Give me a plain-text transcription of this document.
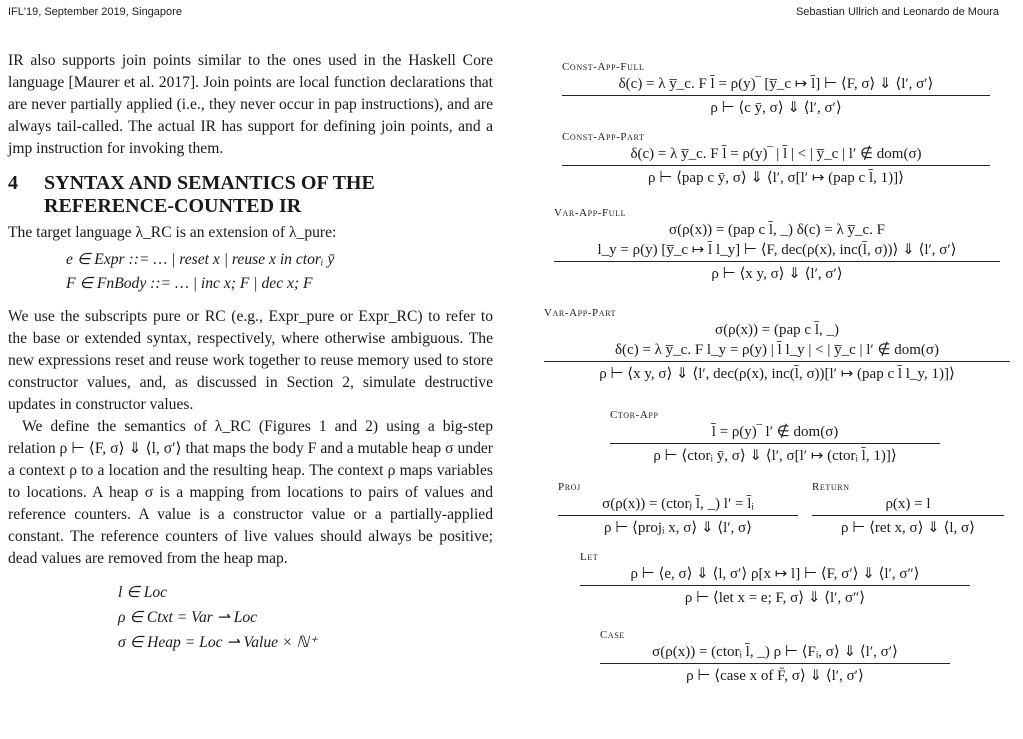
IFL'19, September 2019, Singapore	Sebastian Ullrich and Leonardo de Moura

IR also supports join points similar to the ones used in the Haskell Core language [Maurer et al. 2017]. Join points are local function declarations that are never partially applied (i.e., they never occur in pap instructions), and are always tail-called. The actual IR has support for defining join points, and a jmp instruction for invoking them.

4	SYNTAX AND SEMANTICS OF THE REFERENCE-COUNTED IR

The target language λ_RC is an extension of λ_pure:

e ∈ Expr ::= … | reset x | reuse x in ctorᵢ ȳ
F ∈ FnBody ::= … | inc x; F | dec x; F

We use the subscripts pure or RC (e.g., Expr_pure or Expr_RC) to refer to the base or extended syntax, respectively, where otherwise ambiguous. The new expressions reset and reuse work together to reuse memory used to store constructor values, and, as discussed in Section 2, simulate destructive updates in constructor values.

We define the semantics of λ_RC (Figures 1 and 2) using a big-step relation ρ ⊢ ⟨F, σ⟩ ⇓ ⟨l, σ′⟩ that maps the body F and a mutable heap σ under a context ρ to a location and the resulting heap. The context ρ maps variables to locations. A heap σ is a mapping from locations to pairs of values and reference counters. A value is a constructor value or a partially-applied constant. The reference counters of live values should always be positive; dead values are removed from the heap map.

l ∈ Loc
ρ ∈ Ctxt = Var ⇀ Loc
σ ∈ Heap = Loc ⇀ Value × ℕ⁺
Const-App-Full
δ(c) = λ y̅_c. F l̄ = ρ(y)‾ [y̅_c ↦ l̄] ⊢ ⟨F, σ⟩ ⇓ ⟨l′, σ′⟩
ρ ⊢ ⟨c ȳ, σ⟩ ⇓ ⟨l′, σ′⟩
Const-App-Part
δ(c) = λ y̅_c. F l̄ = ρ(y)‾ | l̄ | < | y̅_c | l′ ∉ dom(σ)
ρ ⊢ ⟨pap c ȳ, σ⟩ ⇓ ⟨l′, σ[l′ ↦ (pap c l̄, 1)]⟩
Var-App-Full
σ(ρ(x)) = (pap c l̄, _) δ(c) = λ y̅_c. F
l_y = ρ(y) [y̅_c ↦ l̄ l_y] ⊢ ⟨F, dec(ρ(x), inc(l̄, σ))⟩ ⇓ ⟨l′, σ′⟩
ρ ⊢ ⟨x y, σ⟩ ⇓ ⟨l′, σ′⟩
Var-App-Part
σ(ρ(x)) = (pap c l̄, _)
δ(c) = λ y̅_c. F l_y = ρ(y) | l̄ l_y | < | y̅_c | l′ ∉ dom(σ)
ρ ⊢ ⟨x y, σ⟩ ⇓ ⟨l′, dec(ρ(x), inc(l̄, σ))[l′ ↦ (pap c l̄ l_y, 1)]⟩
Ctor-App
l̄ = ρ(y)‾ l′ ∉ dom(σ)
ρ ⊢ ⟨ctorᵢ ȳ, σ⟩ ⇓ ⟨l′, σ[l′ ↦ (ctorᵢ l̄, 1)]⟩
Proj
σ(ρ(x)) = (ctorⱼ l̄, _) l′ = l̄ᵢ
ρ ⊢ ⟨projᵢ x, σ⟩ ⇓ ⟨l′, σ⟩
Return
ρ(x) = l
ρ ⊢ ⟨ret x, σ⟩ ⇓ ⟨l, σ⟩
Let
ρ ⊢ ⟨e, σ⟩ ⇓ ⟨l, σ′⟩ ρ[x ↦ l] ⊢ ⟨F, σ′⟩ ⇓ ⟨l′, σ″⟩
ρ ⊢ ⟨let x = e; F, σ⟩ ⇓ ⟨l′, σ″⟩
Case
σ(ρ(x)) = (ctorᵢ l̄, _) ρ ⊢ ⟨Fᵢ, σ⟩ ⇓ ⟨l′, σ′⟩
ρ ⊢ ⟨case x of F̄, σ⟩ ⇓ ⟨l′, σ′⟩
